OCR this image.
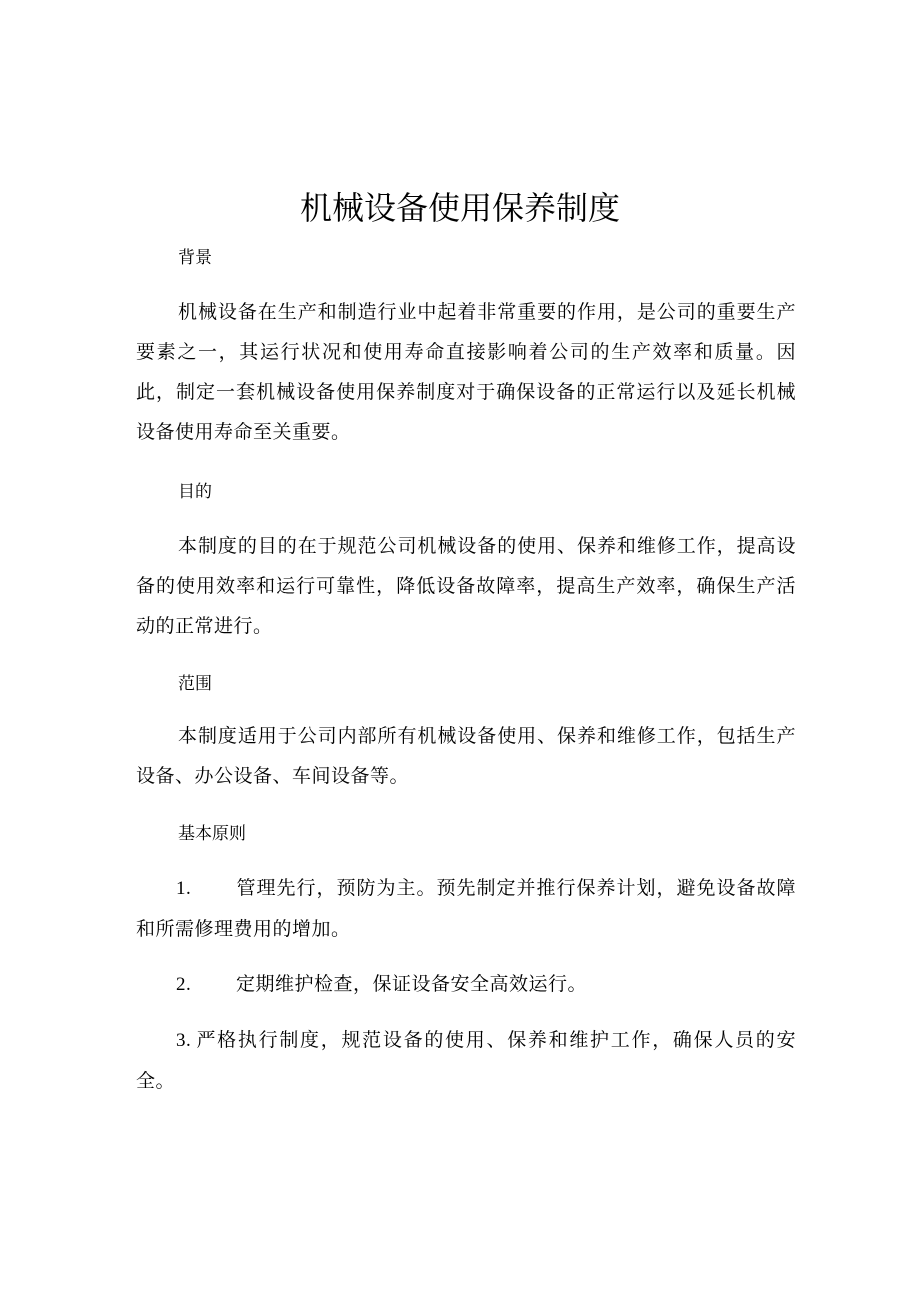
机械设备使用保养制度
背景

机械设备在生产和制造行业中起着非常重要的作用，是公司的重要生产要素之一，其运行状况和使用寿命直接影响着公司的生产效率和质量。因此，制定一套机械设备使用保养制度对于确保设备的正常运行以及延长机械设备使用寿命至关重要。

目的

本制度的目的在于规范公司机械设备的使用、保养和维修工作，提高设备的使用效率和运行可靠性，降低设备故障率，提高生产效率，确保生产活动的正常进行。

范围

本制度适用于公司内部所有机械设备使用、保养和维修工作，包括生产设备、办公设备、车间设备等。

基本原则

1. 管理先行，预防为主。预先制定并推行保养计划，避免设备故障和所需修理费用的增加。

2. 定期维护检查，保证设备安全高效运行。

3. 严格执行制度，规范设备的使用、保养和维护工作，确保人员的安全。
